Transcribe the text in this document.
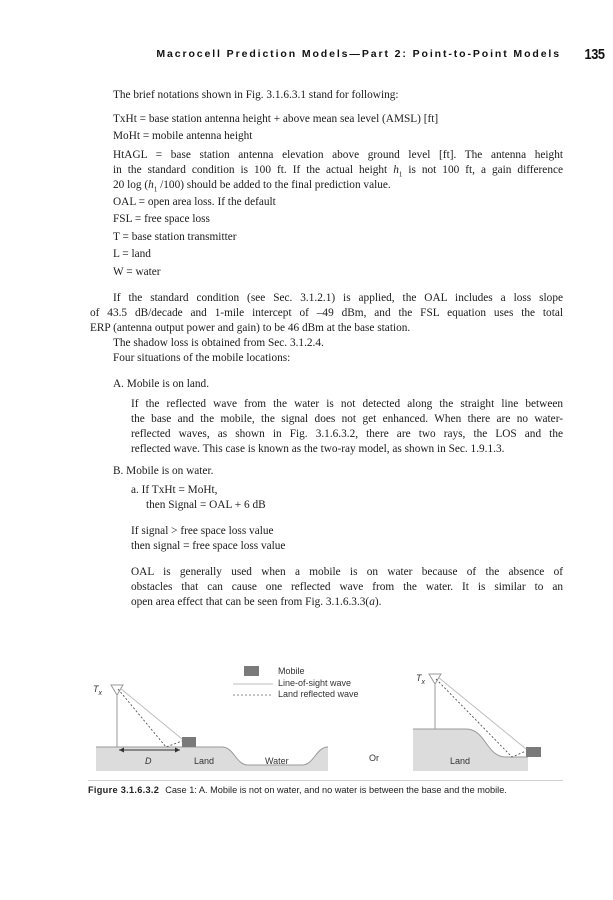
Macrocell Prediction Models—Part 2: Point-to-Point Models 135
The brief notations shown in Fig. 3.1.6.3.1 stand for following:
TxHt = base station antenna height + above mean sea level (AMSL) [ft]
MoHt = mobile antenna height
HtAGL = base station antenna elevation above ground level [ft]. The antenna height
in the standard condition is 100 ft. If the actual height $h_1$ is not 100 ft, a gain difference
20 $\log (h_1$ /100) should be added to the final prediction value.
OAL = open area loss. If the default
FSL = free space loss
T = base station transmitter
L = land
W = water
If the standard condition (see Sec. 3.1.2.1) is applied, the OAL includes a loss slope
of 43.5 dB/decade and 1-mile intercept of –49 dBm, and the FSL equation uses the total
ERP (antenna output power and gain) to be 46 dBm at the base station.
The shadow loss is obtained from Sec. 3.1.2.4.
Four situations of the mobile locations:
A. Mobile is on land.
If the reflected wave from the water is not detected along the straight line between
the base and the mobile, the signal does not get enhanced. When there are no water-
reflected waves, as shown in Fig. 3.1.6.3.2, there are two rays, the LOS and the
reflected wave. This case is known as the two-ray model, as shown in Sec. 1.9.1.3.
B. Mobile is on water.
a. If TxHt = MoHt,
then Signal = OAL + 6 dB
If signal > free space loss value
then signal = free space loss value
OAL is generally used when a mobile is on water because of the absence of
obstacles that can cause one reflected wave from the water. It is similar to an
open area effect that can be seen from Fig. 3.1.6.3.3(a).
Mobile
Line-of-sight wave
Land reflected wave
$T_x$
$T_x$
D	Land	Water	Or	Land
Figure 3.1.6.3.2 Case 1: A. Mobile is not on water, and no water is between the base and the mobile.
